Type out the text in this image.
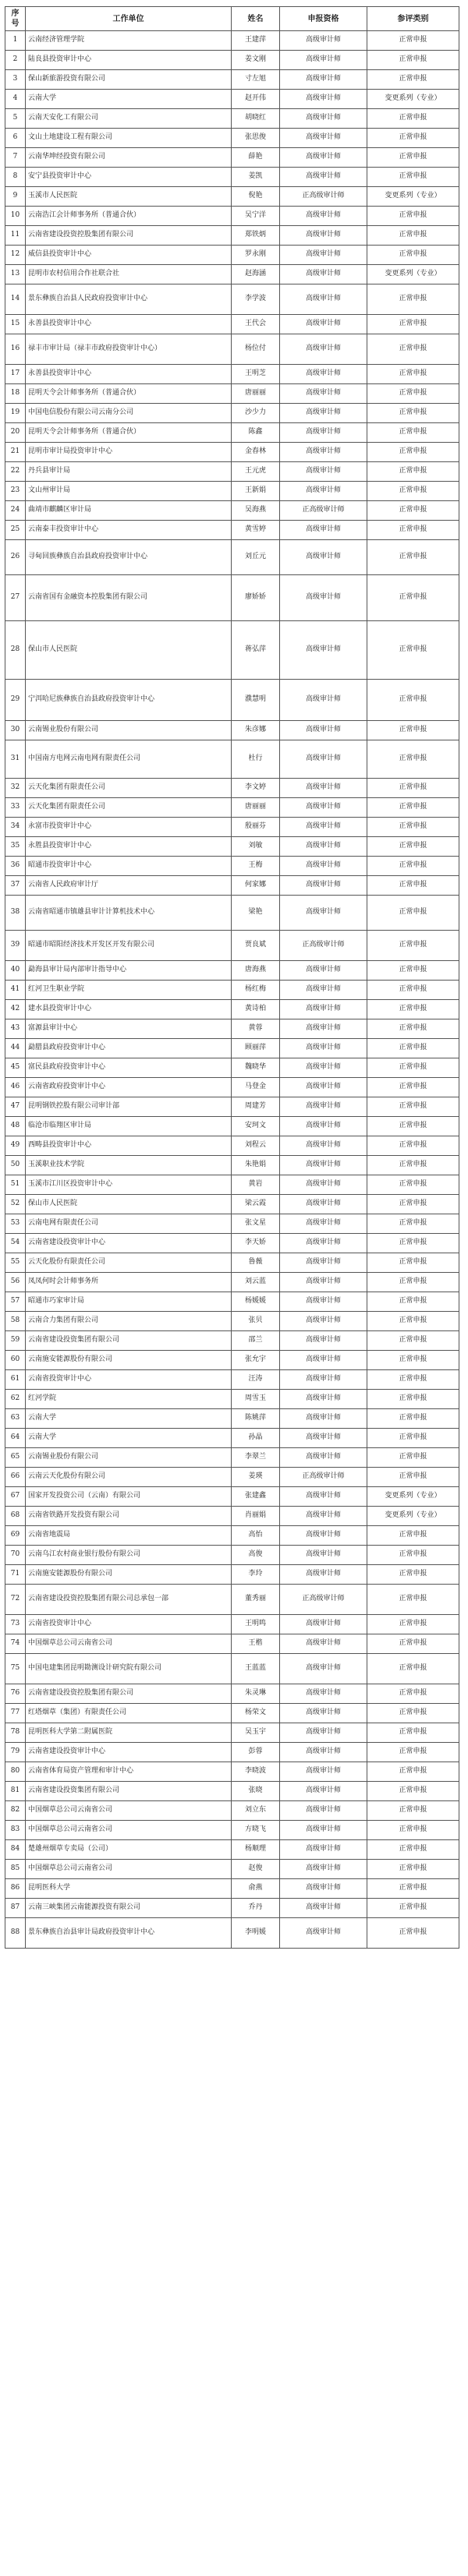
序号	工作单位	姓名	申报资格	参评类别
1	云南经济管理学院	王建萍	高级审计师	正常申报
2	陆良县投资审计中心	姜文刚	高级审计师	正常申报
3	保山新旅游投资有限公司	寸左旭	高级审计师	正常申报
4	云南大学	赵开伟	高级审计师	变更系列（专业）
5	云南天安化工有限公司	胡晓红	高级审计师	正常申报
6	文山土地建设工程有限公司	张思俊	高级审计师	正常申报
7	云南华坤经投资有限公司	薛艳	高级审计师	正常申报
8	安宁县投资审计中心	姜凯	高级审计师	正常申报
9	玉溪市人民医院	倪艳	正高级审计师	变更系列（专业）
10	云南浩江会计师事务所（普通合伙）	吴宁洋	高级审计师	正常申报
11	云南省建设投资控股集团有限公司	郑铁炳	高级审计师	正常申报
12	威信县投资审计中心	罗永刚	高级审计师	正常申报
13	昆明市农村信用合作社联合社	赵海涵	高级审计师	变更系列（专业）
14	景东彝族自治县人民政府投资审计中心	李学波	高级审计师	正常申报
15	永善县投资审计中心	王代会	高级审计师	正常申报
16	禄丰市审计局（禄丰市政府投资审计中心）	杨位付	高级审计师	正常申报
17	永善县投资审计中心	王明芝	高级审计师	正常申报
18	昆明天令会计师事务所（普通合伙）	唐丽丽	高级审计师	正常申报
19	中国电信股份有限公司云南分公司	沙少力	高级审计师	正常申报
20	昆明天令会计师事务所（普通合伙）	陈鑫	高级审计师	正常申报
21	昆明市审计局投资审计中心	金春林	高级审计师	正常申报
22	丹兵县审计局	王元虎	高级审计师	正常申报
23	文山州审计局	王新娟	高级审计师	正常申报
24	曲靖市麒麟区审计局	吴海燕	正高级审计师	正常申报
25	云南泰丰投资审计中心	黄雪婷	高级审计师	正常申报
26	寻甸回族彝族自治县政府投资审计中心	刘丘元	高级审计师	正常申报
27	云南省国有金融资本控股集团有限公司	廖娇娇	高级审计师	正常申报
28	保山市人民医院	蒋弘萍	高级审计师	正常申报
29	宁洱哈尼族彝族自治县政府投资审计中心	濮慧明	高级审计师	正常申报
30	云南锡业股份有限公司	朱彦娜	高级审计师	正常申报
31	中国南方电网云南电网有限责任公司	杜行	高级审计师	正常申报
32	云天化集团有限责任公司	李文婷	高级审计师	正常申报
33	云天化集团有限责任公司	唐丽丽	高级审计师	正常申报
34	永富市投资审计中心	殷丽芬	高级审计师	正常申报
35	永胜县投资审计中心	刘敏	高级审计师	正常申报
36	昭通市投资审计中心	王梅	高级审计师	正常申报
37	云南省人民政府审计厅	何家娜	高级审计师	正常申报
38	云南省昭通市镇雄县审计计算机技术中心	梁艳	高级审计师	正常申报
39	昭通市昭阳经济技术开发区开发有限公司	贾良斌	正高级审计师	正常申报
40	勐海县审计局内部审计指导中心	唐海燕	高级审计师	正常申报
41	红河卫生职业学院	杨红梅	高级审计师	正常申报
42	建水县投资审计中心	黄诗柏	高级审计师	正常申报
43	富源县审计中心	黄蓉	高级审计师	正常申报
44	勐腊县政府投资审计中心	顾丽萍	高级审计师	正常申报
45	富民县政府投资审计中心	魏晓华	高级审计师	正常申报
46	云南省政府投资审计中心	马登金	高级审计师	正常申报
47	昆明钢铁控股有限公司审计部	周建芳	高级审计师	正常申报
48	临沧市临翔区审计局	安珂文	高级审计师	正常申报
49	西畴县投资审计中心	刘程云	高级审计师	正常申报
50	玉溪职业技术学院	朱艳娟	高级审计师	正常申报
51	玉溪市江川区投资审计中心	黄岩	高级审计师	正常申报
52	保山市人民医院	梁云霞	高级审计师	正常申报
53	云南电网有限责任公司	张文星	高级审计师	正常申报
54	云南省建设投资审计中心	李天娇	高级审计师	正常申报
55	云天化股份有限责任公司	鲁薇	高级审计师	正常申报
56	凤凤何时会计师事务所	刘云蓝	高级审计师	正常申报
57	昭通市巧家审计局	杨媛媛	高级审计师	正常申报
58	云南合力集团有限公司	张贝	高级审计师	正常申报
59	云南省建设投资集团有限公司	邵兰	高级审计师	正常申报
60	云南施安能源股份有限公司	张允宇	高级审计师	正常申报
61	云南省投资审计中心	汪涛	高级审计师	正常申报
62	红河学院	周雪玉	高级审计师	正常申报
63	云南大学	陈姚萍	高级审计师	正常申报
64	云南大学	孙晶	高级审计师	正常申报
65	云南锡业股份有限公司	李翠兰	高级审计师	正常申报
66	云南云天化股份有限公司	姜瑛	正高级审计师	正常申报
67	国家开发投资公司（云南）有限公司	张建鑫	高级审计师	变更系列（专业）
68	云南省铁路开发投资有限公司	肖丽娟	高级审计师	变更系列（专业）
69	云南省地震局	高怡	高级审计师	正常申报
70	云南乌江农村商业银行股份有限公司	高俊	高级审计师	正常申报
71	云南施安能源股份有限公司	李玲	高级审计师	正常申报
72	云南省建设投资控股集团有限公司总承包一部	董秀丽	正高级审计师	正常申报
73	云南省投资审计中心	王明鸣	高级审计师	正常申报
74	中国烟草总公司云南省公司	王楷	高级审计师	正常申报
75	中国电建集团昆明勘测设计研究院有限公司	王蓝蓝	高级审计师	正常申报
76	云南省建设投资控股集团有限公司	朱灵琳	高级审计师	正常申报
77	红塔烟草（集团）有限责任公司	杨荣文	高级审计师	正常申报
78	昆明医科大学第二附属医院	吴玉宇	高级审计师	正常申报
79	云南省建设投资审计中心	彭蓉	高级审计师	正常申报
80	云南省体育局资产管理和审计中心	李晓波	高级审计师	正常申报
81	云南省建设投资集团有限公司	张晓	高级审计师	正常申报
82	中国烟草总公司云南省公司	刘立东	高级审计师	正常申报
83	中国烟草总公司云南省公司	方晓飞	高级审计师	正常申报
84	楚雄州烟草专卖局（公司）	杨顺理	高级审计师	正常申报
85	中国烟草总公司云南省公司	赵俊	高级审计师	正常申报
86	昆明医科大学	俞燕	高级审计师	正常申报
87	云南三峡集团云南能源投资有限公司	乔丹	高级审计师	正常申报
88	景东彝族自治县审计局政府投资审计中心	李明媛	高级审计师	正常申报
